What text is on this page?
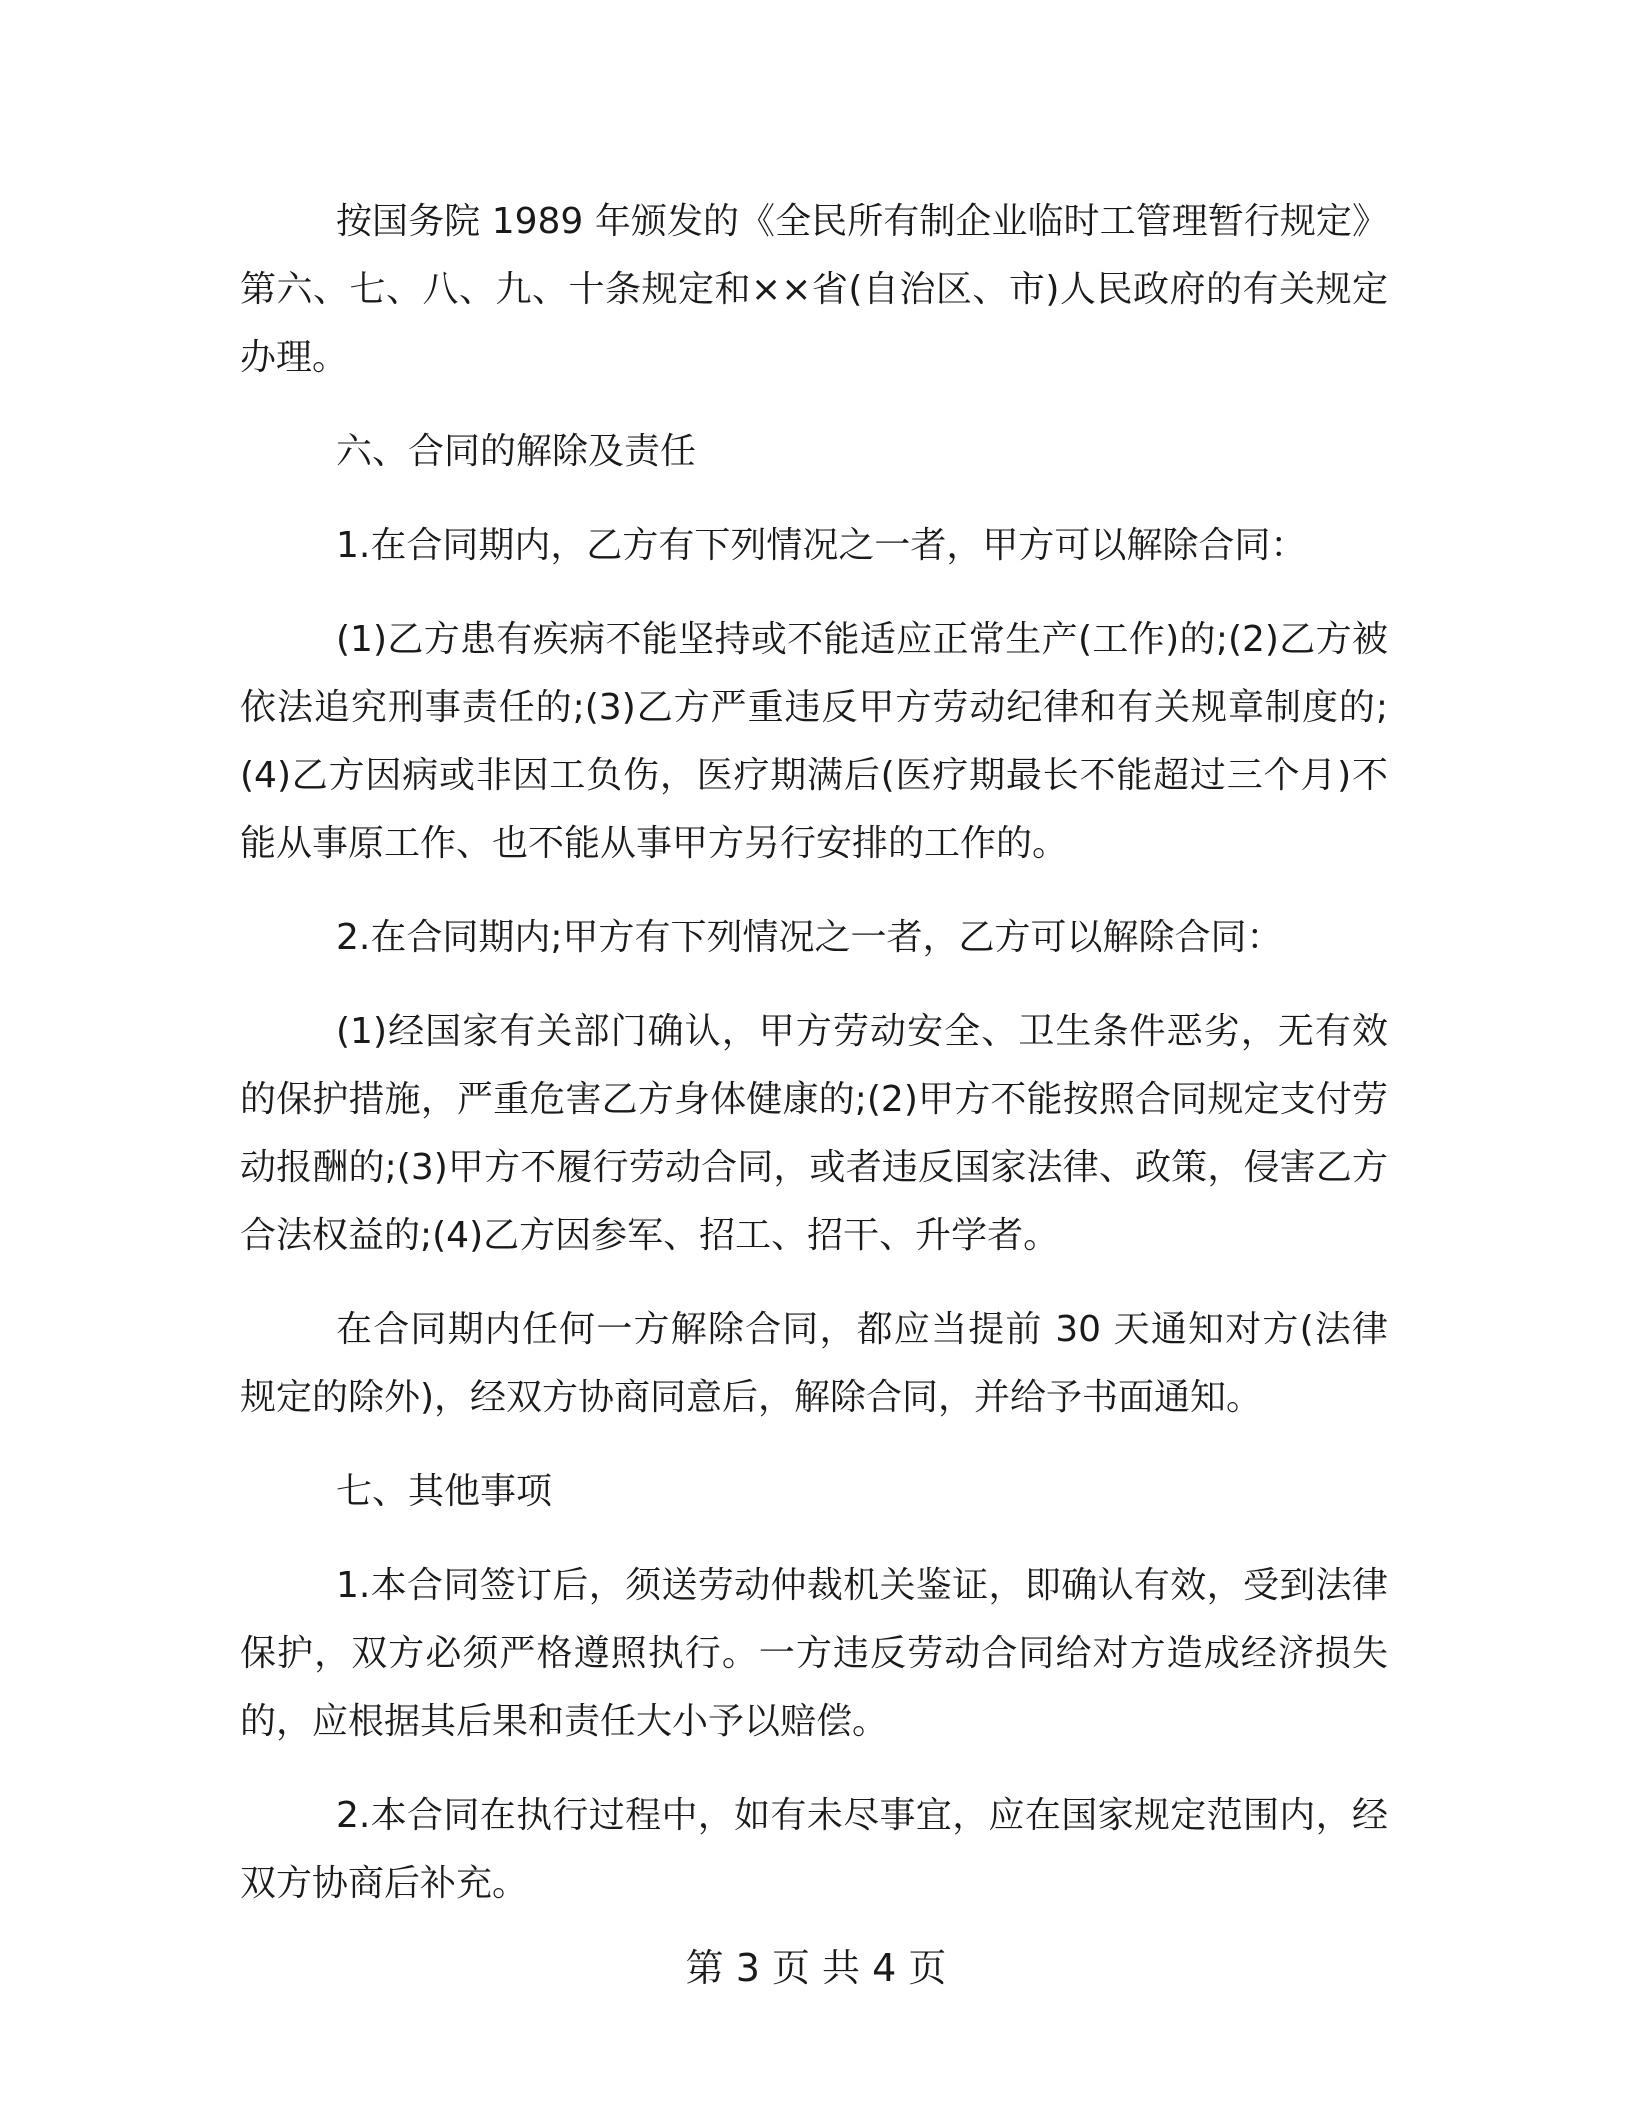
按国务院 1989 年颁发的《全民所有制企业临时工管理暂行规定》第六、七、八、九、十条规定和××省(自治区、市)人民政府的有关规定办理。

六、合同的解除及责任

1.在合同期内，乙方有下列情况之一者，甲方可以解除合同：

(1)乙方患有疾病不能坚持或不能适应正常生产(工作)的;(2)乙方被依法追究刑事责任的;(3)乙方严重违反甲方劳动纪律和有关规章制度的;(4)乙方因病或非因工负伤，医疗期满后(医疗期最长不能超过三个月)不能从事原工作、也不能从事甲方另行安排的工作的。

2.在合同期内;甲方有下列情况之一者，乙方可以解除合同：

(1)经国家有关部门确认，甲方劳动安全、卫生条件恶劣，无有效的保护措施，严重危害乙方身体健康的;(2)甲方不能按照合同规定支付劳动报酬的;(3)甲方不履行劳动合同，或者违反国家法律、政策，侵害乙方合法权益的;(4)乙方因参军、招工、招干、升学者。

在合同期内任何一方解除合同，都应当提前 30 天通知对方(法律规定的除外)，经双方协商同意后，解除合同，并给予书面通知。

七、其他事项

1.本合同签订后，须送劳动仲裁机关鉴证，即确认有效，受到法律保护，双方必须严格遵照执行。一方违反劳动合同给对方造成经济损失的，应根据其后果和责任大小予以赔偿。

2.本合同在执行过程中，如有未尽事宜，应在国家规定范围内，经双方协商后补充。

第 3 页 共 4 页
